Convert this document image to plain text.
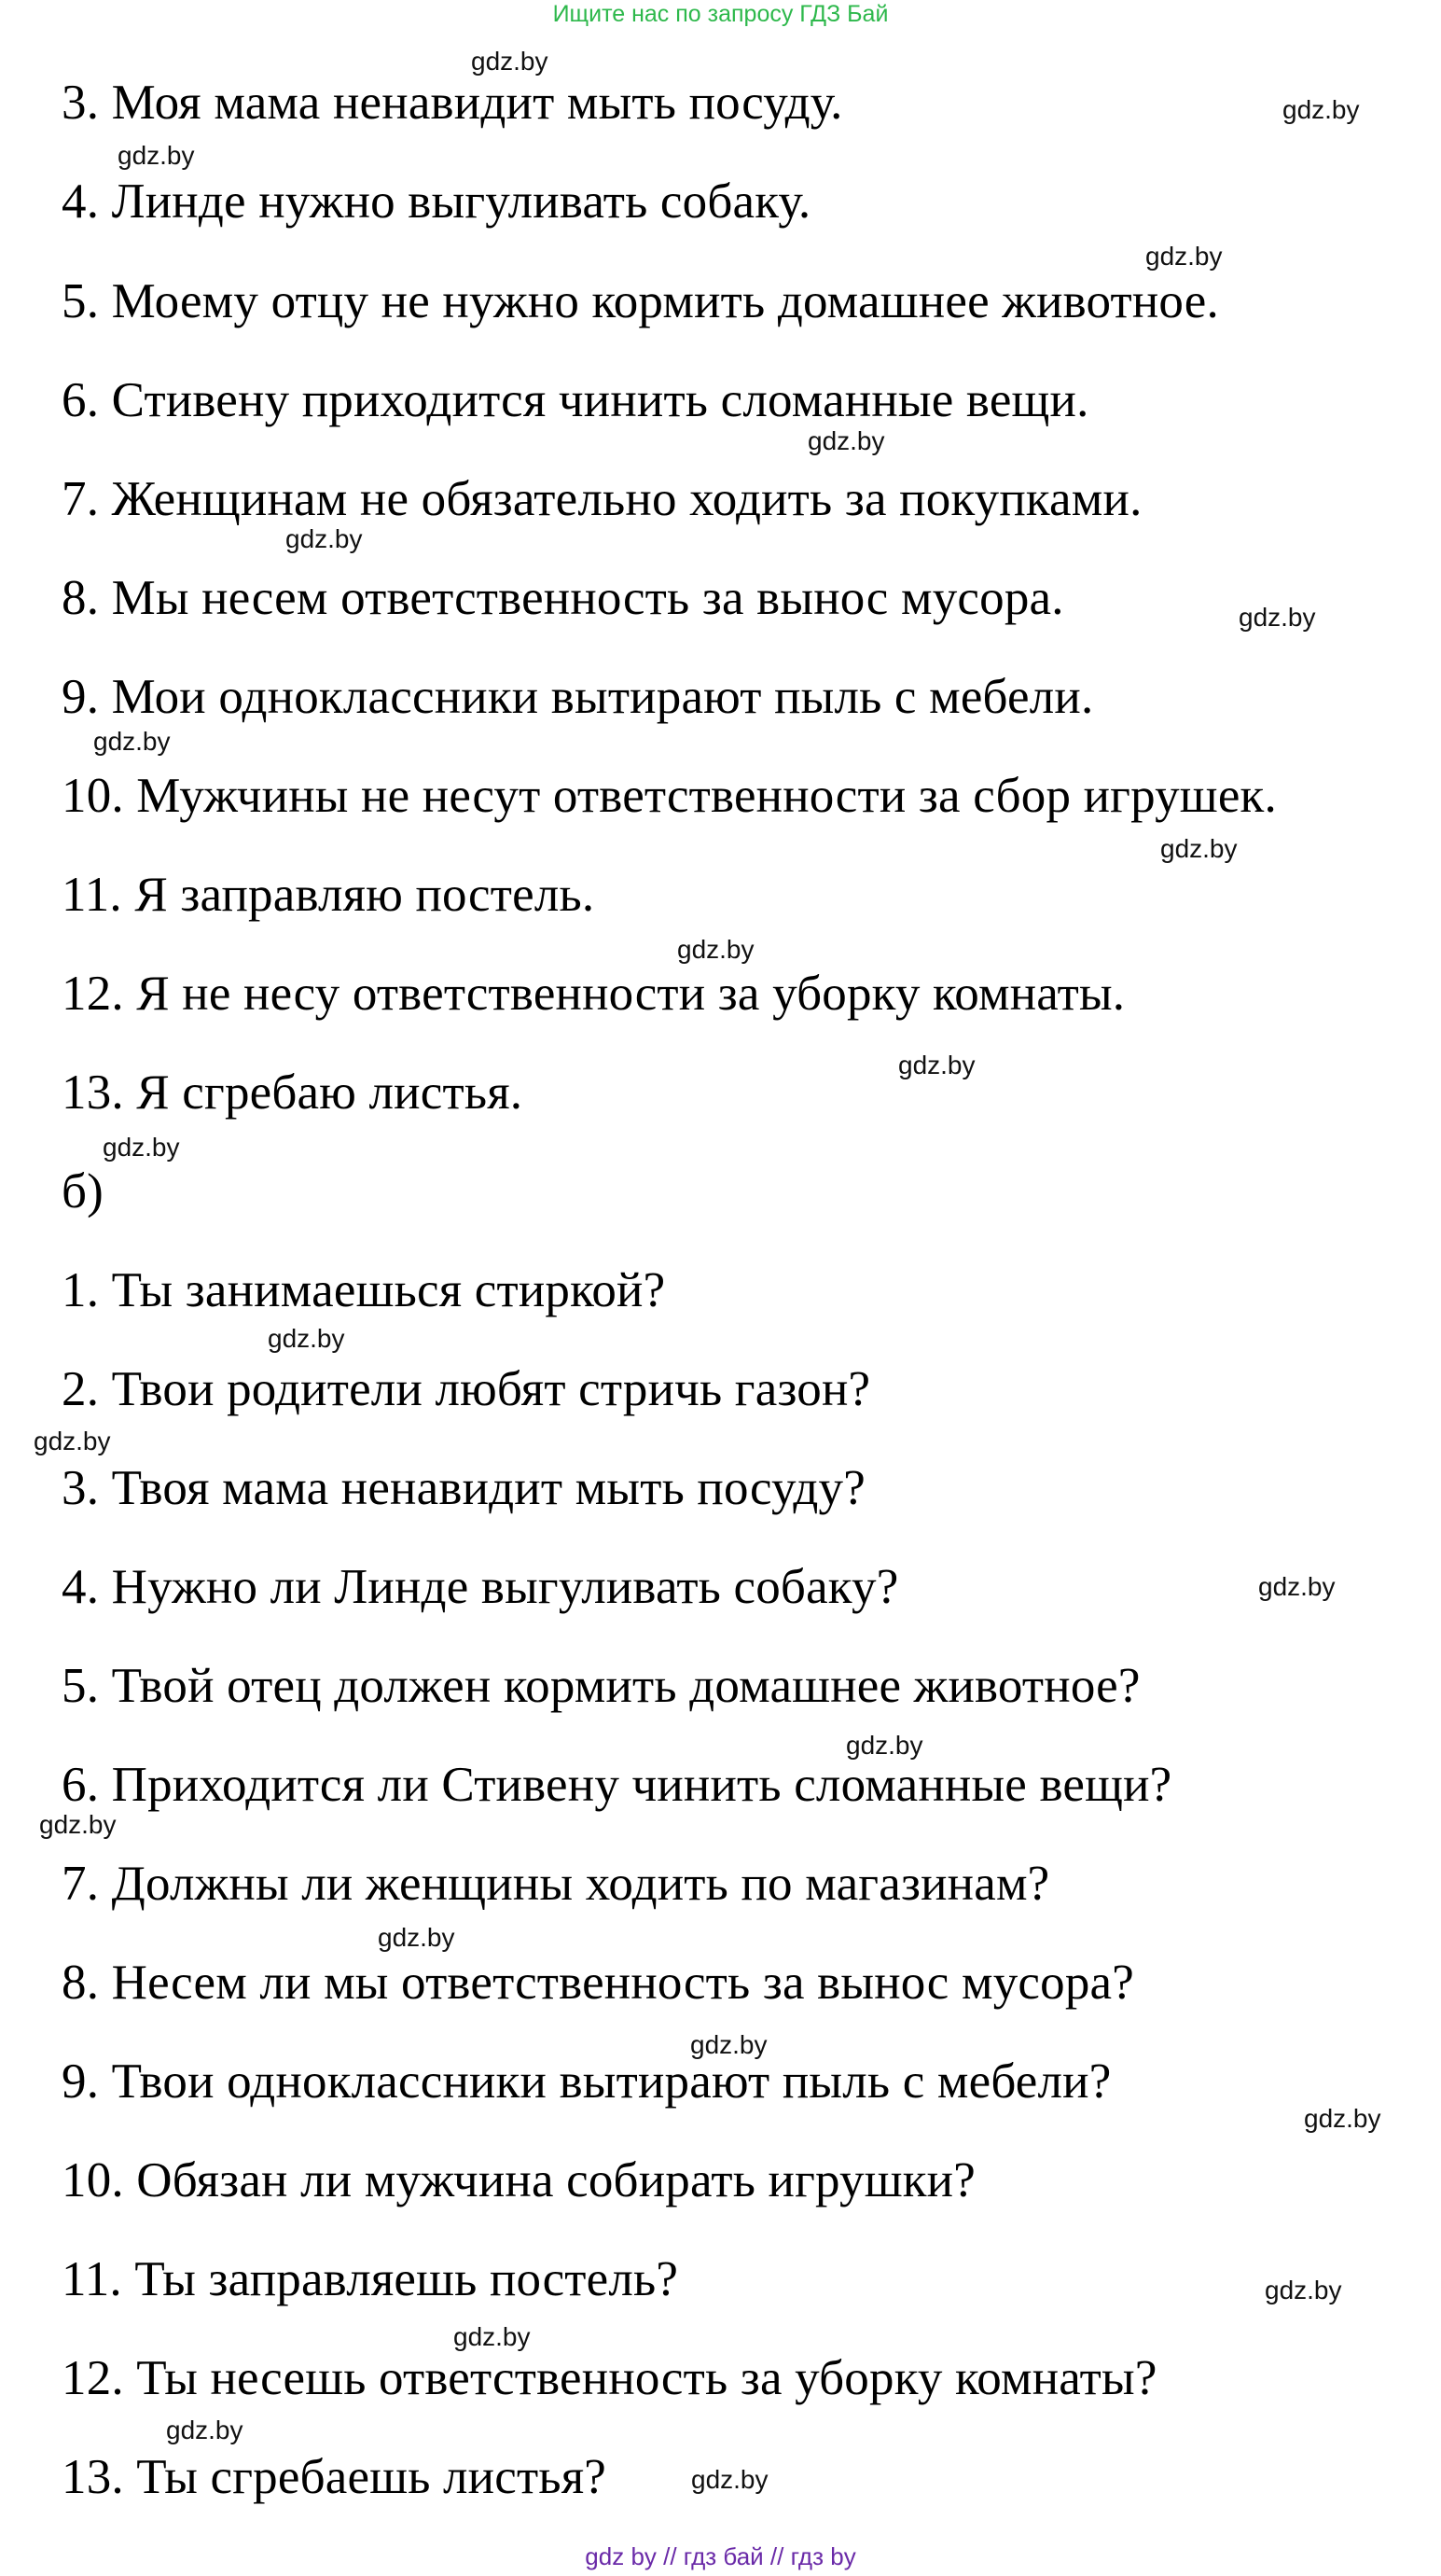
Ищите нас по запросу ГДЗ Бай
3. Моя мама ненавидит мыть посуду.
4. Линде нужно выгуливать собаку.
5. Моему отцу не нужно кормить домашнее животное.
6. Стивену приходится чинить сломанные вещи.
7. Женщинам не обязательно ходить за покупками.
8. Мы несем ответственность за вынос мусора.
9. Мои одноклассники вытирают пыль с мебели.
10. Мужчины не несут ответственности за сбор игрушек.
11. Я заправляю постель.
12. Я не несу ответственности за уборку комнаты.
13. Я сгребаю листья.
б)
1. Ты занимаешься стиркой?
2. Твои родители любят стричь газон?
3. Твоя мама ненавидит мыть посуду?
4. Нужно ли Линде выгуливать собаку?
5. Твой отец должен кормить домашнее животное?
6. Приходится ли Стивену чинить сломанные вещи?
7. Должны ли женщины ходить по магазинам?
8. Несем ли мы ответственность за вынос мусора?
9. Твои одноклассники вытирают пыль с мебели?
10. Обязан ли мужчина собирать игрушки?
11. Ты заправляешь постель?
12. Ты несешь ответственность за уборку комнаты?
13. Ты сгребаешь листья?
gdz.by
gdz.by
gdz.by
gdz.by
gdz.by
gdz.by
gdz.by
gdz.by
gdz.by
gdz.by
gdz.by
gdz.by
gdz.by
gdz.by
gdz.by
gdz.by
gdz.by
gdz.by
gdz.by
gdz.by
gdz.by
gdz.by
gdz.by
gdz.by
gdz by // гдз бай // гдз by
